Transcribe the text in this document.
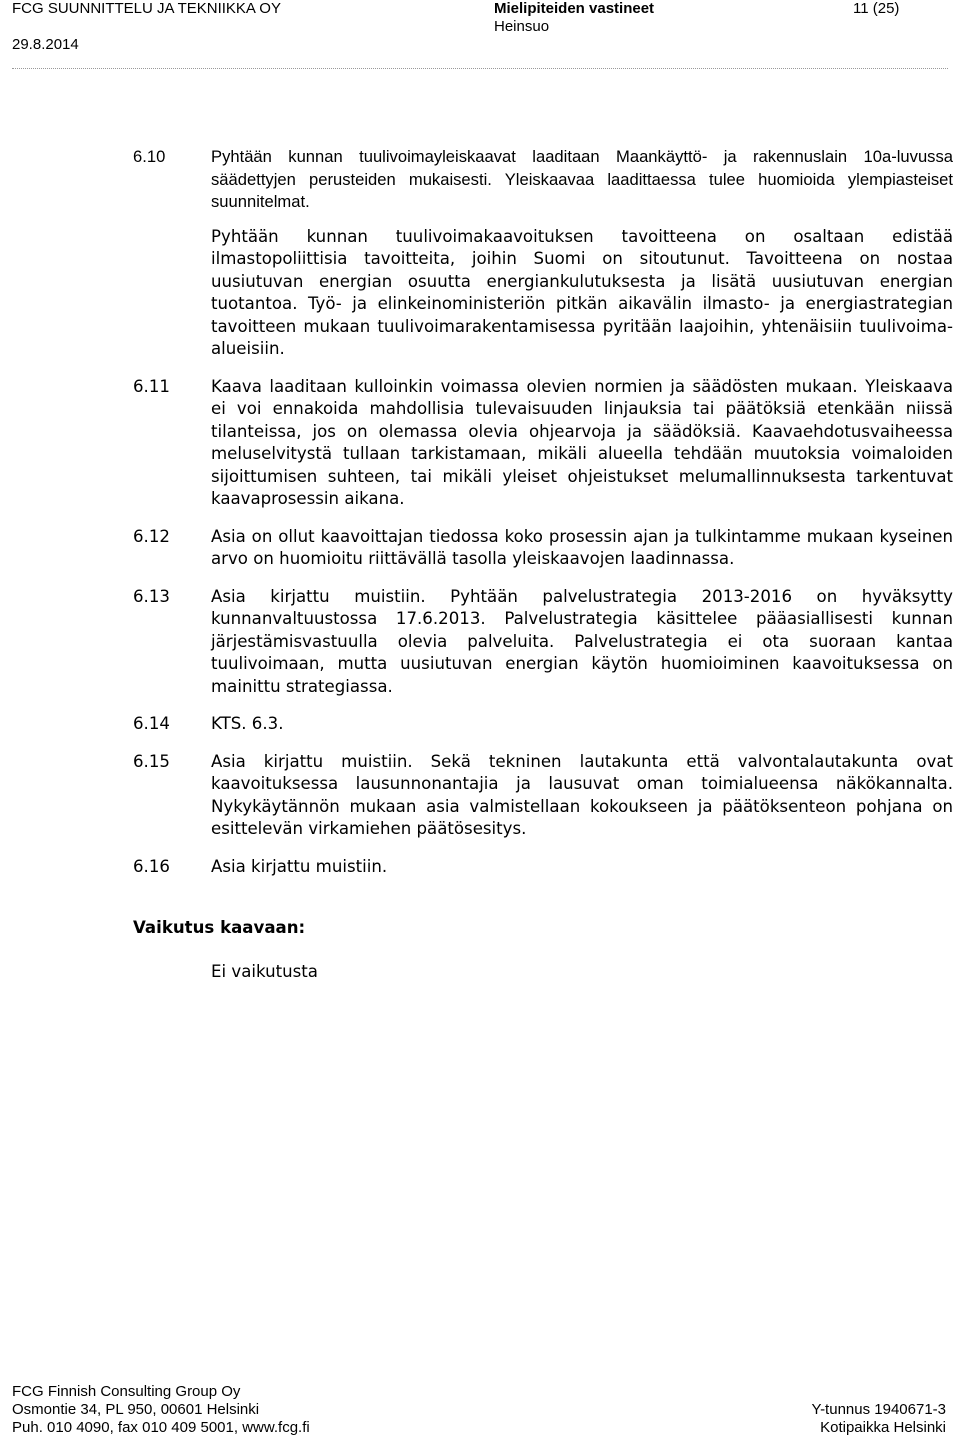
FCG SUUNNITTELU JA TEKNIIKKA OY
29.8.2014
Mielipiteiden vastineet
Heinsuo
11 (25)
6.10	Pyhtään kunnan tuulivoimayleiskaavat laaditaan Maankäyttö- ja rakennuslain 10a-luvussa säädettyjen perusteiden mukaisesti. Yleiskaavaa laadittaessa tulee huomioida ylempiasteiset suunnitelmat.

Pyhtään kunnan tuulivoimakaavoituksen tavoitteena on osaltaan edistää ilmastopoliittisia tavoitteita, joihin Suomi on sitoutunut. Tavoitteena on nostaa uusiutuvan energian osuutta energiankulutuksesta ja lisätä uusiutuvan energian tuotantoa. Työ- ja elinkeinoministeriön pitkän aikavälin ilmasto- ja energiastrategian tavoitteen mukaan tuulivoimarakentamisessa pyritään laajoihin, yhtenäisiin tuulivoima-alueisiin.

6.11	Kaava laaditaan kulloinkin voimassa olevien normien ja säädösten mukaan. Yleiskaava ei voi ennakoida mahdollisia tulevaisuuden linjauksia tai päätöksiä etenkään niissä tilanteissa, jos on olemassa olevia ohjearvoja ja säädöksiä. Kaavaehdotusvaiheessa meluselvitystä tullaan tarkistamaan, mikäli alueella tehdään muutoksia voimaloiden sijoittumisen suhteen, tai mikäli yleiset ohjeistukset melumallinnuksesta tarkentuvat kaavaprosessin aikana.

6.12	Asia on ollut kaavoittajan tiedossa koko prosessin ajan ja tulkintamme mukaan kyseinen arvo on huomioitu riittävällä tasolla yleiskaavojen laadinnassa.

6.13	Asia kirjattu muistiin. Pyhtään palvelustrategia 2013-2016 on hyväksytty kunnanvaltuustossa 17.6.2013. Palvelustrategia käsittelee pääasiallisesti kunnan järjestämisvastuulla olevia palveluita. Palvelustrategia ei ota suoraan kantaa tuulivoimaan, mutta uusiutuvan energian käytön huomioiminen kaavoituksessa on mainittu strategiassa.

6.14	KTS. 6.3.

6.15	Asia kirjattu muistiin. Sekä tekninen lautakunta että valvontalautakunta ovat kaavoituksessa lausunnonantajia ja lausuvat oman toimialueensa näkökannalta. Nykykäytännön mukaan asia valmistellaan kokoukseen ja päätöksenteon pohjana on esittelevän virkamiehen päätösesitys.

6.16	Asia kirjattu muistiin.

Vaikutus kaavaan:
Ei vaikutusta
FCG Finnish Consulting Group Oy
Osmontie 34, PL 950, 00601 Helsinki
Puh. 010 4090, fax 010 409 5001, www.fcg.fi
Y-tunnus 1940671-3
Kotipaikka Helsinki
